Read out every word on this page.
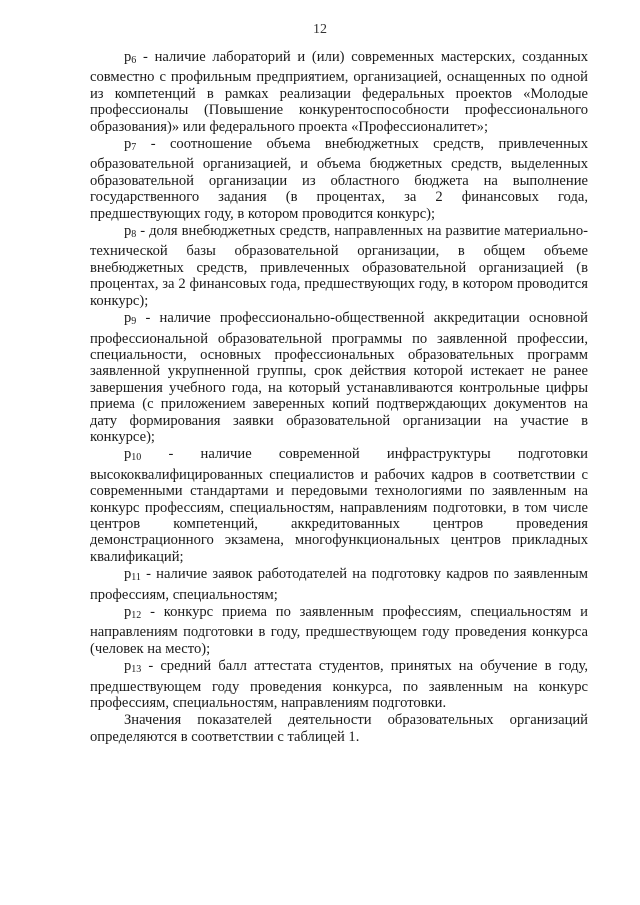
12

$р_6$ - наличие лабораторий и (или) современных мастерских, созданных совместно с профильным предприятием, организацией, оснащенных по одной из компетенций в рамках реализации федеральных проектов «Молодые профессионалы (Повышение конкурентоспособности профессионального образования)» или федерального проекта «Профессионалитет»;

$р_7$ - соотношение объема внебюджетных средств, привлеченных образовательной организацией, и объема бюджетных средств, выделенных образовательной организации из областного бюджета на выполнение государственного задания (в процентах, за 2 финансовых года, предшествующих году, в котором проводится конкурс);

$р_8$ - доля внебюджетных средств, направленных на развитие материально-технической базы образовательной организации, в общем объеме внебюджетных средств, привлеченных образовательной организацией (в процентах, за 2 финансовых года, предшествующих году, в котором проводится конкурс);

$р_9$ - наличие профессионально-общественной аккредитации основной профессиональной образовательной программы по заявленной профессии, специальности, основных профессиональных образовательных программ заявленной укрупненной группы, срок действия которой истекает не ранее завершения учебного года, на который устанавливаются контрольные цифры приема (с приложением заверенных копий подтверждающих документов на дату формирования заявки образовательной организации на участие в конкурсе);

$р_{10}$ - наличие современной инфраструктуры подготовки высококвалифицированных специалистов и рабочих кадров в соответствии с современными стандартами и передовыми технологиями по заявленным на конкурс профессиям, специальностям, направлениям подготовки, в том числе центров компетенций, аккредитованных центров проведения демонстрационного экзамена, многофункциональных центров прикладных квалификаций;

$р_{11}$ - наличие заявок работодателей на подготовку кадров по заявленным профессиям, специальностям;

$р_{12}$ - конкурс приема по заявленным профессиям, специальностям и направлениям подготовки в году, предшествующем году проведения конкурса (человек на место);

$р_{13}$ - средний балл аттестата студентов, принятых на обучение в году, предшествующем году проведения конкурса, по заявленным на конкурс профессиям, специальностям, направлениям подготовки.

Значения показателей деятельности образовательных организаций определяются в соответствии с таблицей 1.
